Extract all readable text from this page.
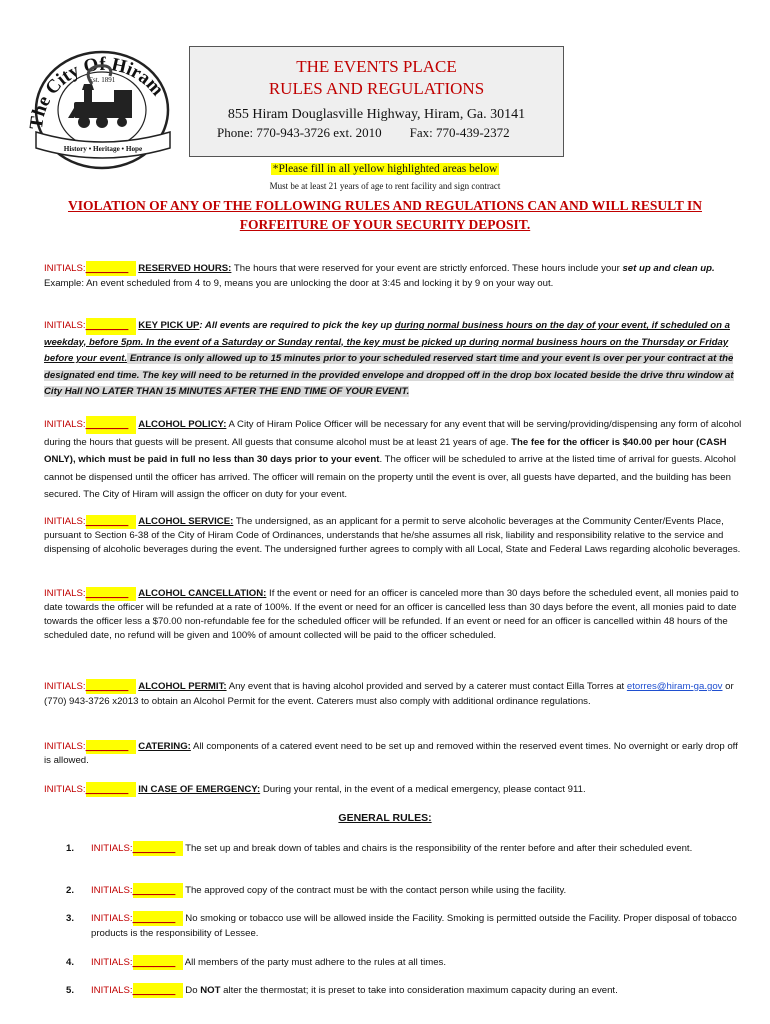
The City Of Hiram
Est. 1891
History • Heritage • Hope
THE EVENTS PLACE
RULES AND REGULATIONS
855 Hiram Douglasville Highway, Hiram, Ga. 30141
Phone: 770-943-3726 ext. 2010 Fax: 770-439-2372
*Please fill in all yellow highlighted areas below
Must be at least 21 years of age to rent facility and sign contract
VIOLATION OF ANY OF THE FOLLOWING RULES AND REGULATIONS CAN AND WILL RESULT IN FORFEITURE OF YOUR SECURITY DEPOSIT.
INITIALS:________ RESERVED HOURS: The hours that were reserved for your event are strictly enforced. These hours include your set up and clean up.
Example: An event scheduled from 4 to 9, means you are unlocking the door at 3:45 and locking it by 9 on your way out.
INITIALS:________ KEY PICK UP: All events are required to pick the key up during normal business hours on the day of your event, if scheduled on a weekday, before 5pm. In the event of a Saturday or Sunday rental, the key must be picked up during normal business hours on the Thursday or Friday before your event. Entrance is only allowed up to 15 minutes prior to your scheduled reserved start time and your event is over per your contract at the designated end time. The key will need to be returned in the provided envelope and dropped off in the drop box located beside the drive thru window at City Hall NO LATER THAN 15 MINUTES AFTER THE END TIME OF YOUR EVENT.
INITIALS:________ ALCOHOL POLICY: A City of Hiram Police Officer will be necessary for any event that will be serving/providing/dispensing any form of alcohol during the hours that guests will be present. All guests that consume alcohol must be at least 21 years of age. The fee for the officer is $40.00 per hour (CASH ONLY), which must be paid in full no less than 30 days prior to your event. The officer will be scheduled to arrive at the listed time of arrival for guests. Alcohol cannot be dispensed until the officer has arrived. The officer will remain on the property until the event is over, all guests have departed, and the building has been secured. The City of Hiram will assign the officer on duty for your event.
INITIALS:________ ALCOHOL SERVICE: The undersigned, as an applicant for a permit to serve alcoholic beverages at the Community Center/Events Place, pursuant to Section 6-38 of the City of Hiram Code of Ordinances, understands that he/she assumes all risk, liability and responsibility relative to the service and dispensing of alcoholic beverages during the event. The undersigned further agrees to comply with all Local, State and Federal Laws regarding alcoholic beverages.
INITIALS:________ ALCOHOL CANCELLATION: If the event or need for an officer is canceled more than 30 days before the scheduled event, all monies paid to date towards the officer will be refunded at a rate of 100%. If the event or need for an officer is cancelled less than 30 days before the event, all monies paid to date towards the officer less a $70.00 non-refundable fee for the scheduled officer will be refunded. If an event or need for an officer is cancelled within 48 hours of the scheduled date, no refund will be given and 100% of amount collected will be paid to the officer scheduled.
INITIALS:________ ALCOHOL PERMIT: Any event that is having alcohol provided and served by a caterer must contact Eilla Torres at etorres@hiram-ga.gov or (770) 943-3726 x2013 to obtain an Alcohol Permit for the event. Caterers must also comply with additional ordinance regulations.
INITIALS:________ CATERING: All components of a catered event need to be set up and removed within the reserved event times. No overnight or early drop off is allowed.
INITIALS:________ IN CASE OF EMERGENCY: During your rental, in the event of a medical emergency, please contact 911.
GENERAL RULES:
1. INITIALS:________ The set up and break down of tables and chairs is the responsibility of the renter before and after their scheduled event.
2. INITIALS:________ The approved copy of the contract must be with the contact person while using the facility.
3. INITIALS:________ No smoking or tobacco use will be allowed inside the Facility. Smoking is permitted outside the Facility. Proper disposal of tobacco products is the responsibility of Lessee.
4. INITIALS:________ All members of the party must adhere to the rules at all times.
5. INITIALS:________ Do NOT alter the thermostat; it is preset to take into consideration maximum capacity during an event.
